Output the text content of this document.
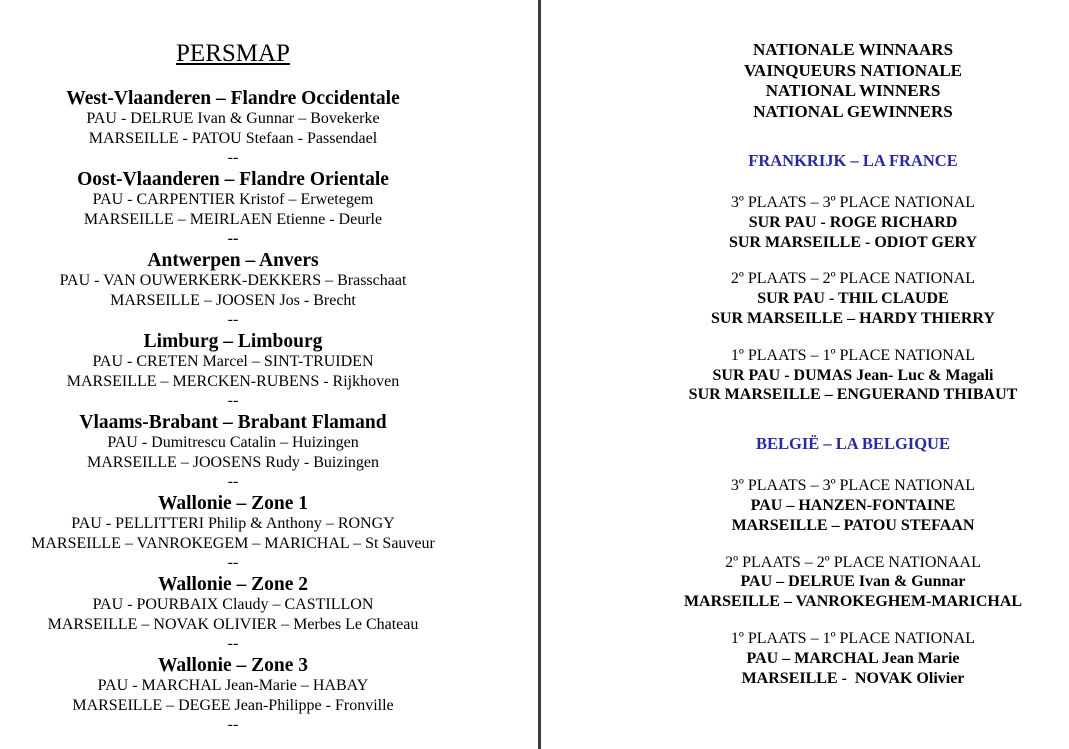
PERSMAP
West-Vlaanderen – Flandre Occidentale

PAU - DELRUE Ivan & Gunnar – Bovekerke

MARSEILLE - PATOU Stefaan - Passendael

--

Oost-Vlaanderen – Flandre Orientale

PAU - CARPENTIER Kristof – Erwetegem

MARSEILLE – MEIRLAEN Etienne - Deurle

--

Antwerpen – Anvers

PAU - VAN OUWERKERK-DEKKERS – Brasschaat

MARSEILLE – JOOSEN Jos - Brecht

--

Limburg – Limbourg

PAU - CRETEN Marcel – SINT-TRUIDEN

MARSEILLE – MERCKEN-RUBENS - Rijkhoven

--

Vlaams-Brabant – Brabant Flamand

PAU - Dumitrescu Catalin – Huizingen

MARSEILLE – JOOSENS Rudy - Buizingen

--

Wallonie – Zone 1

PAU - PELLITTERI Philip & Anthony – RONGY

MARSEILLE – VANROKEGEM – MARICHAL – St Sauveur

--

Wallonie – Zone 2

PAU - POURBAIX Claudy – CASTILLON

MARSEILLE – NOVAK OLIVIER – Merbes Le Chateau

--

Wallonie – Zone 3

PAU - MARCHAL Jean-Marie – HABAY

MARSEILLE – DEGEE Jean-Philippe - Fronville

--

NATIONALE WINNAARS

VAINQUEURS NATIONALE

NATIONAL WINNERS

NATIONAL GEWINNERS

FRANKRIJK – LA FRANCE

3º PLAATS – 3º PLACE NATIONAL

SUR PAU - ROGE RICHARD

SUR MARSEILLE - ODIOT GERY

2º PLAATS – 2º PLACE NATIONAL

SUR PAU - THIL CLAUDE

SUR MARSEILLE – HARDY THIERRY

1º PLAATS – 1º PLACE NATIONAL

SUR PAU - DUMAS Jean- Luc & Magali

SUR MARSEILLE – ENGUERAND THIBAUT

BELGIË – LA BELGIQUE

3º PLAATS – 3º PLACE NATIONAL

PAU – HANZEN-FONTAINE

MARSEILLE – PATOU STEFAAN

2º PLAATS – 2º PLACE NATIONAAL

PAU – DELRUE Ivan & Gunnar

MARSEILLE – VANROKEGHEM-MARICHAL

1º PLAATS – 1º PLACE NATIONAL

PAU – MARCHAL Jean Marie

MARSEILLE -  NOVAK Olivier
